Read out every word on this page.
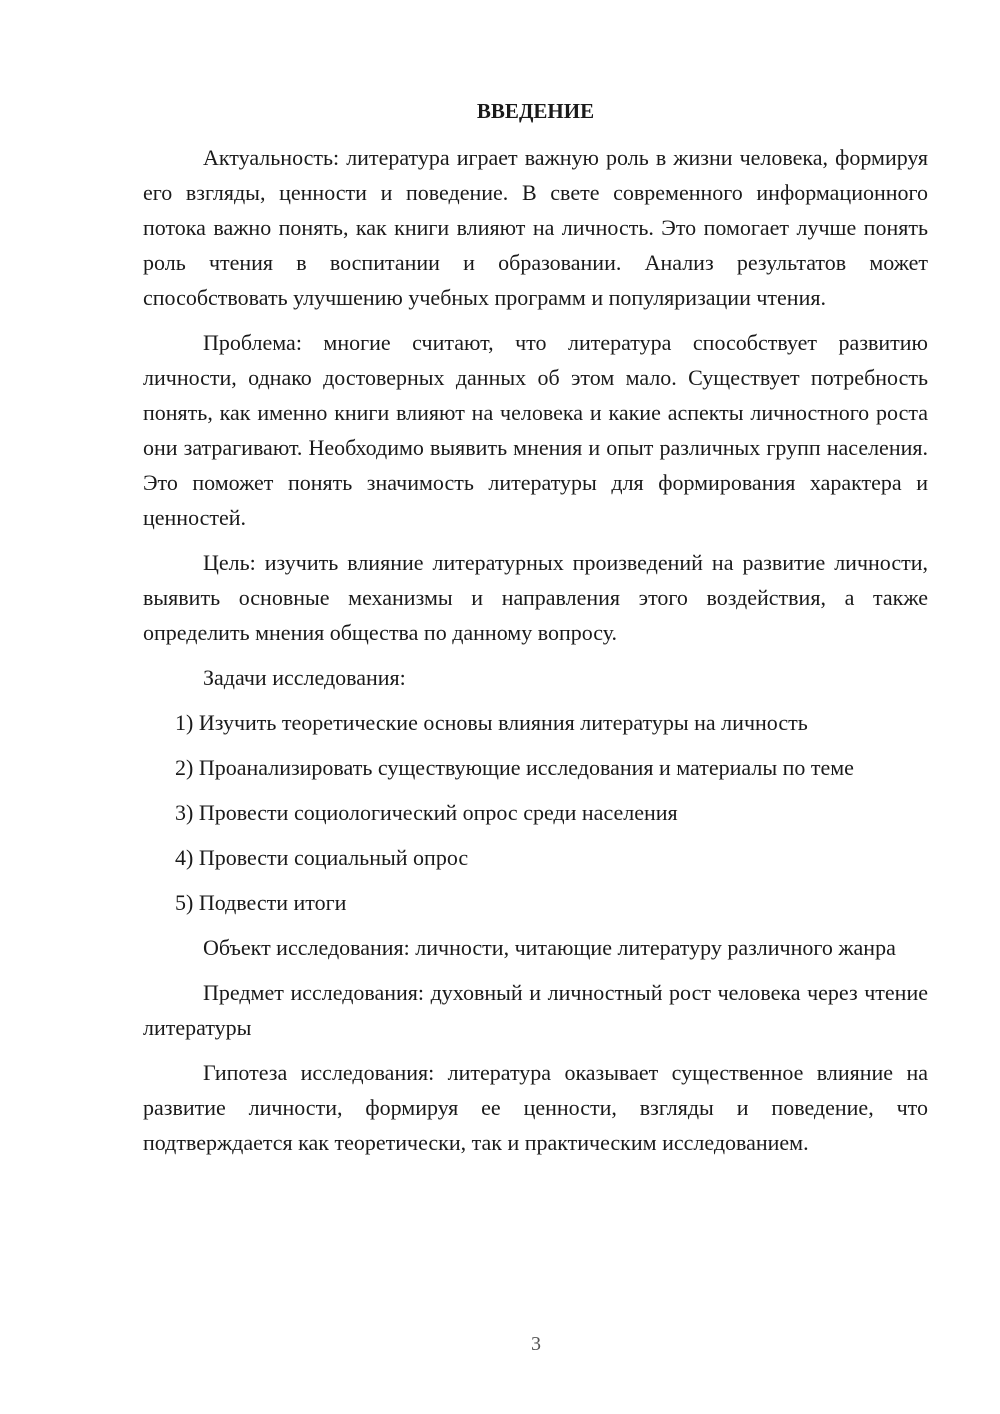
ВВЕДЕНИЕ

Актуальность: литература играет важную роль в жизни человека, формируя его взгляды, ценности и поведение. В свете современного информационного потока важно понять, как книги влияют на личность. Это помогает лучше понять роль чтения в воспитании и образовании. Анализ результатов может способствовать улучшению учебных программ и популяризации чтения.

Проблема: многие считают, что литература способствует развитию личности, однако достоверных данных об этом мало. Существует потребность понять, как именно книги влияют на человека и какие аспекты личностного роста они затрагивают. Необходимо выявить мнения и опыт различных групп населения. Это поможет понять значимость литературы для формирования характера и ценностей.

Цель: изучить влияние литературных произведений на развитие личности, выявить основные механизмы и направления этого воздействия, а также определить мнения общества по данному вопросу.

Задачи исследования:

1) Изучить теоретические основы влияния литературы на личность

2) Проанализировать существующие исследования и материалы по теме

3) Провести социологический опрос среди населения

4) Провести социальный опрос

5) Подвести итоги

Объект исследования: личности, читающие литературу различного жанра

Предмет исследования: духовный и личностный рост человека через чтение литературы

Гипотеза исследования: литература оказывает существенное влияние на развитие личности, формируя ее ценности, взгляды и поведение, что подтверждается как теоретически, так и практическим исследованием.

3
